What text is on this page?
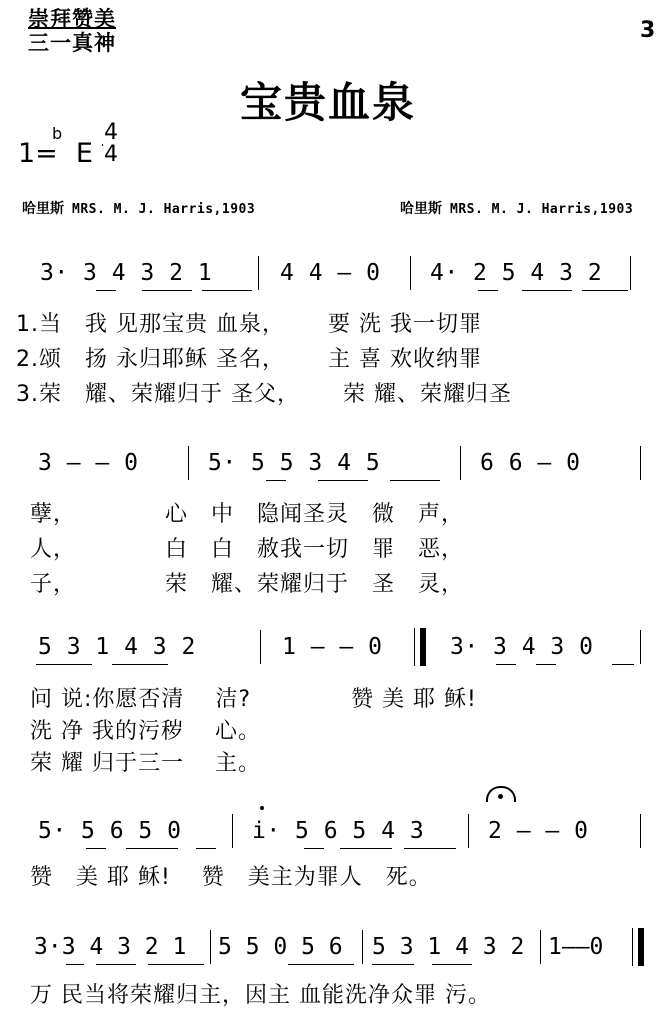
崇拜赞美
三一真神	3
宝贵血泉
1=
b
E
4
4
哈里斯 MRS. M. J. Harris,1903	哈里斯 MRS. M. J. Harris,1903
3· 3 4 3 2 1	4 4 – 0 4· 2 5 4 3 2
1.当　我 见那宝贵 血泉，　　 要 洗 我一切罪
2.颂　扬 永归耶稣 圣名，　　 主 喜 欢收纳罪
3.荣　耀、荣耀归于 圣父，　　 荣 耀、荣耀归圣
3 – – 0	5· 5 5 3 4 5	6 6 – 0
孽，　　　　 心　中　隐闻圣灵　微　声，
人，　　　　 白　白　赦我一切　罪　恶，
子，　　　　 荣　耀、荣耀归于　圣　灵，
5 3 1 4 3 2	1 – – 0	3· 3 4 3 0
问 说:你愿否清　 洁?　　　　 赞 美 耶 稣!
洗 净 我的污秽　 心。
荣 耀 归于三一　 主。
5· 5 6 5 0	i· 5 6 5 4 3	2 – – 0
赞　美 耶 稣!　 赞　美主为罪人　死。
3·3 4 3 2 1 5 5 0 5 6 5 3 1 4 3 2 1––0
万 民当将荣耀归主，因主 血能洗净众罪 污。
